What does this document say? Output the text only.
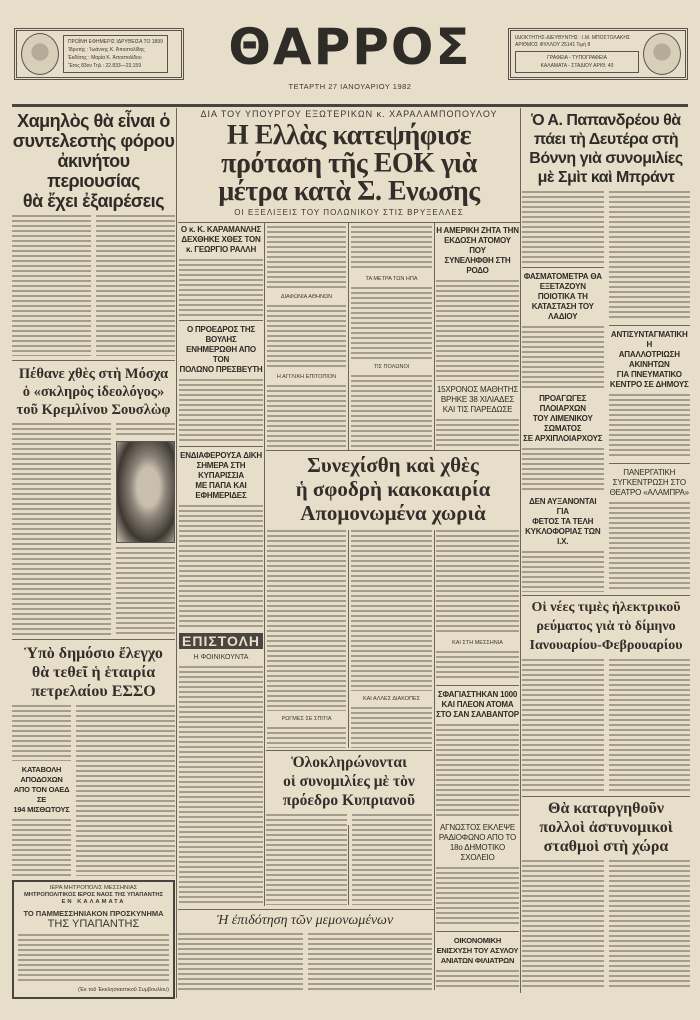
ΠΡΩΪΝΗ ΕΦΗΜΕΡΙΣ ΙΔΡΥΘΕΙΣΑ ΤΟ 1899
Ἱδρυτής : Ἰωάννης Κ. Ἀποστολίδης
Ἐκδότης : Μαρία Κ. Ἀποστολίδου
Ἔτος 83ον Τηλ.: 22.833—23.159	ΘΑΡΡΟΣ
ΤΕΤΑΡΤΗ 27 ΙΑΝΟΥΑΡΙΟΥ 1982
ΙΔΙΟΚΤΗΤΗΣ-ΔΙΕΥΘΥΝΤΗΣ : Ι.Μ. ΜΠΟΣΤΟΛΑΚΗΣ
ΑΡΙΘΜΟΣ ΦΥΛΛΟΥ 25141 Τιμή 8
ΓΡΑΦΕΙΑ - ΤΥΠΟΓΡΑΦΕΙΑ
ΚΑΛΑΜΑΤΑ - ΣΤΑΔΙΟΥ ΑΡΙΘ. 40
Χαμηλὸς θὰ εἶναι ὁ
συντελεστὴς φόρου
ἀκινήτου περιουσίας
θὰ ἔχει ἐξαιρέσεις
Πέθανε χθὲς στὴ Μόσχα
ὁ «σκληρὸς ἰδεολόγος»
τοῦ Κρεμλίνου Σουσλὼφ
Ὑπὸ δημόσιο ἔλεγχο
θὰ τεθεῖ ἡ ἑταιρία
πετρελαίου ΕΣΣΟ
ΚΑΤΑΒΟΛΗ ΑΠΟΔΟΧΩΝ
ΑΠΟ ΤΟΝ ΟΑΕΔ ΣΕ
194 ΜΙΣΘΩΤΟΥΣ
ΙΕΡΑ ΜΗΤΡΟΠΟΛΙΣ ΜΕΣΣΗΝΙΑΣ
ΜΗΤΡΟΠΟΛΙΤΙΚΟΣ ΙΕΡΟΣ ΝΑΟΣ ΤΗΣ ΥΠΑΠΑΝΤΗΣ
ΕΝ ΚΑΛΑΜΑΤΑ
ΤΟ ΠΑΜΜΕΣΣΗΝΙΑΚΟΝ ΠΡΟΣΚΥΝΗΜΑ
ΤΗΣ ΥΠΑΠΑΝΤΗΣ
(Ἐκ τοῦ Ἐκκλησιαστικοῦ Συμβουλίου)
ΔΙΑ ΤΟΥ ΥΠΟΥΡΓΟΥ ΕΞΩΤΕΡΙΚΩΝ κ. ΧΑΡΑΛΑΜΠΟΠΟΥΛΟΥ
Η Ελλὰς κατεψήφισε
πρόταση τῆς ΕΟΚ γιὰ
μέτρα κατὰ Σ. Ενωσης
ΟΙ ΕΞΕΛΙΞΕΙΣ ΤΟΥ ΠΟΛΩΝΙΚΟΥ ΣΤΙΣ ΒΡΥΞΕΛΛΕΣ
Ο κ. Κ. ΚΑΡΑΜΑΝΛΗΣ
ΔΕΧΘΗΚΕ ΧΘΕΣ ΤΟΝ
κ. ΓΕΩΡΓΙΟ ΡΑΛΛΗ
Ο ΠΡΟΕΔΡΟΣ ΤΗΣ ΒΟΥΛΗΣ
ΕΝΗΜΕΡΩΘΗ ΑΠΟ ΤΟΝ
ΠΟΛΩΝΟ ΠΡΕΣΒΕΥΤΗ
ΕΝΔΙΑΦΕΡΟΥΣΑ ΔΙΚΗ
ΣΗΜΕΡΑ ΣΤΗ ΚΥΠΑΡΙΣΣΙΑ
ΜΕ ΠΑΠΑ ΚΑΙ ΕΦΗΜΕΡΙΔΕΣ
ΕΠΙΣΤΟΛΗ
Η ΦΟΙΝΙΚΟΥΝΤΑ
ΔΙΑΦΩΝΙΑ ΑΘΗΝΩΝ
Η ΑΓΓΛΙΚΗ ΕΠΙΤΟΠΙΟΝ
ΤΑ ΜΕΤΡΑ ΤΩΝ ΗΠΑ
ΤΙΣ ΠΟΛΩΝΟΙ
Η ΑΜΕΡΙΚΗ ΖΗΤΑ ΤΗΝ
ΕΚΔΟΣΗ ΑΤΟΜΟΥ ΠΟΥ
ΣΥΝΕΛΗΦΘΗ ΣΤΗ ΡΟΔΟ
15ΧΡΟΝΟΣ ΜΑΘΗΤΗΣ
ΒΡΗΚΕ 38 ΧΙΛΙΑΔΕΣ
ΚΑΙ ΤΙΣ ΠΑΡΕΔΩΣΕ
Συνεχίσθη καὶ χθὲς
ἡ σφοδρὴ κακοκαιρία
Απομονωμένα χωριὰ
ΡΩΓΜΕΣ ΣΕ ΣΠΙΤΙΑ
ΚΑΙ ΑΛΛΕΣ ΔΙΑΚΟΠΕΣ
ΚΑΙ ΣΤΗ ΜΕΣΣΗΝΙΑ
ΣΦΑΓΙΑΣΤΗΚΑΝ 1000
ΚΑΙ ΠΛΕΟΝ ΑΤΟΜΑ
ΣΤΟ ΣΑΝ ΣΑΛΒΑΝΤΟΡ
ΑΓΝΩΣΤΟΣ ΕΚΛΕΨΕ
ΡΑΔΙΟΦΩΝΟ ΑΠΟ ΤΟ
18ο ΔΗΜΟΤΙΚΟ ΣΧΟΛΕΙΟ
ΟΙΚΟΝΟΜΙΚΗ
ΕΝΙΣΧΥΣΗ ΤΟΥ ΑΣΥΛΟΥ
ΑΝΙΑΤΩΝ ΦΙΛΙΑΤΡΩΝ
Ὁλοκληρώνονται
οἱ συνομιλίες μὲ τὸν
πρόεδρο Κυπριανοῦ
Ἡ ἐπιδότηση τῶν μεμονωμένων
Ὁ Α. Παπανδρέου θὰ
πάει τὴ Δευτέρα στὴ
Βόννη γιὰ συνομιλίες
μὲ Σμὶτ καὶ Μπράντ
ΦΑΣΜΑΤΟΜΕΤΡΑ ΘΑ
ΕΞΕΤΑΖΟΥΝ ΠΟΙΟΤΙΚΑ ΤΗ
ΚΑΤΑΣΤΑΣΗ ΤΟΥ ΛΑΔΙΟΥ
ΠΡΟΑΓΩΓΕΣ ΠΛΟΙΑΡΧΩΝ
ΤΟΥ ΛΙΜΕΝΙΚΟΥ ΣΩΜΑΤΟΣ
ΣΕ ΑΡΧΙΠΛΟΙΑΡΧΟΥΣ
ΔΕΝ ΑΥΞΑΝΟΝΤΑΙ ΓΙΑ
ΦΕΤΟΣ ΤΑ ΤΕΛΗ
ΚΥΚΛΟΦΟΡΙΑΣ ΤΩΝ Ι.Χ.
ΑΝΤΙΣΥΝΤΑΓΜΑΤΙΚΗ Η
ΑΠΑΛΛΟΤΡΙΩΣΗ ΑΚΙΝΗΤΩΝ
ΓΙΑ ΠΝΕΥΜΑΤΙΚΟ
ΚΕΝΤΡΟ ΣΕ ΔΗΜΟΥΣ
ΠΑΝΕΡΓΑΤΙΚΗ
ΣΥΓΚΕΝΤΡΩΣΗ ΣΤΟ
ΘΕΑΤΡΟ «ΑΛΑΜΠΡΑ»
Οἱ νέες τιμὲς ἠλεκτρικοῦ
ρεύματος γιὰ τὸ δίμηνο
Ιανουαρίου-Φεβρουαρίου
Θὰ καταργηθοῦν
πολλοὶ ἀστυνομικοὶ
σταθμοὶ στὴ χώρα
